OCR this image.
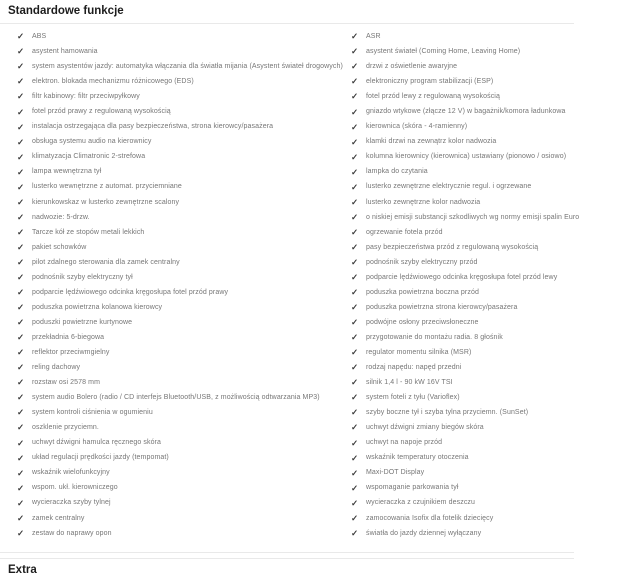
Standardowe funkcje
✓	ABS
✓	asystent hamowania
✓	system asystentów jazdy: automatyka włączania dla światła mijania (Asystent świateł drogowych)
✓	elektron. blokada mechanizmu różnicowego (EDS)
✓	filtr kabinowy: filtr przeciwpyłkowy
✓	fotel przód prawy z regulowaną wysokością
✓	instalacja ostrzegająca dla pasy bezpieczeństwa, strona kierowcy/pasażera
✓	obsługa systemu audio na kierownicy
✓	klimatyzacja Climatronic 2-strefowa
✓	lampa wewnętrzna tył
✓	lusterko wewnętrzne z automat. przyciemniane
✓	kierunkowskaz w lusterko zewnętrzne scalony
✓	nadwozie: 5-drzw.
✓	Tarcze kół ze stopów metali lekkich
✓	pakiet schowków
✓	pilot zdalnego sterowania dla zamek centralny
✓	podnośnik szyby elektryczny tył
✓	podparcie lędźwiowego odcinka kręgosłupa fotel przód prawy
✓	poduszka powietrzna kolanowa kierowcy
✓	poduszki powietrzne kurtynowe
✓	przekładnia 6-biegowa
✓	reflektor przeciwmgielny
✓	reling dachowy
✓	rozstaw osi 2578 mm
✓	system audio Bolero (radio / CD interfejs Bluetooth/USB, z możliwością odtwarzania MP3)
✓	system kontroli ciśnienia w ogumieniu
✓	oszklenie przyciemn.
✓	uchwyt dźwigni hamulca ręcznego skóra
✓	układ regulacji prędkości jazdy (tempomat)
✓	wskaźnik wielofunkcyjny
✓	wspom. ukł. kierowniczego
✓	wycieraczka szyby tylnej
✓	zamek centralny
✓	zestaw do naprawy opon
✓	ASR
✓	asystent świateł (Coming Home, Leaving Home)
✓	drzwi z oświetlenie awaryjne
✓	elektroniczny program stabilizacji (ESP)
✓	fotel przód lewy z regulowaną wysokością
✓	gniazdo wtykowe (złącze 12 V) w bagażnik/komora ładunkowa
✓	kierownica (skóra - 4-ramienny)
✓	klamki drzwi na zewnątrz kolor nadwozia
✓	kolumna kierownicy (kierownica) ustawiany (pionowo / osiowo)
✓	lampka do czytania
✓	lusterko zewnętrzne elektrycznie regul. i ogrzewane
✓	lusterko zewnętrzne kolor nadwozia
✓	o niskiej emisji substancji szkodliwych wg normy emisji spalin Euro
✓	ogrzewanie fotela przód
✓	pasy bezpieczeństwa przód z regulowaną wysokością
✓	podnośnik szyby elektryczny przód
✓	podparcie lędźwiowego odcinka kręgosłupa fotel przód lewy
✓	poduszka powietrzna boczna przód
✓	poduszka powietrzna strona kierowcy/pasażera
✓	podwójne osłony przeciwsłoneczne
✓	przygotowanie do montażu radia. 8 głośnik
✓	regulator momentu silnika (MSR)
✓	rodzaj napędu: napęd przedni
✓	silnik 1,4 l - 90 kW 16V TSI
✓	system foteli z tyłu (Varioflex)
✓	szyby boczne tył i szyba tylna przyciemn. (SunSet)
✓	uchwyt dźwigni zmiany biegów skóra
✓	uchwyt na napoje przód
✓	wskaźnik temperatury otoczenia
✓	Maxi-DOT Display
✓	wspomaganie parkowania tył
✓	wycieraczka z czujnikiem deszczu
✓	zamocowania Isofix dla fotelik dziecięcy
✓	światła do jazdy dziennej wyłączany
Extra
